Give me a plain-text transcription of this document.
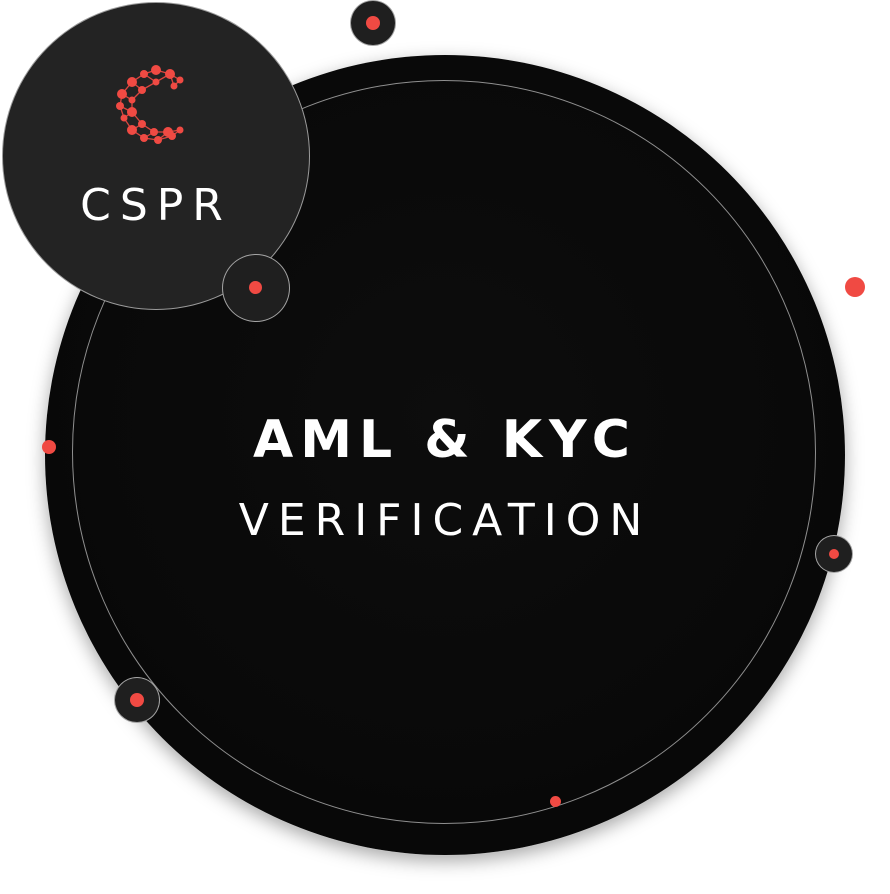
AML & KYC
VERIFICATION
CSPR
